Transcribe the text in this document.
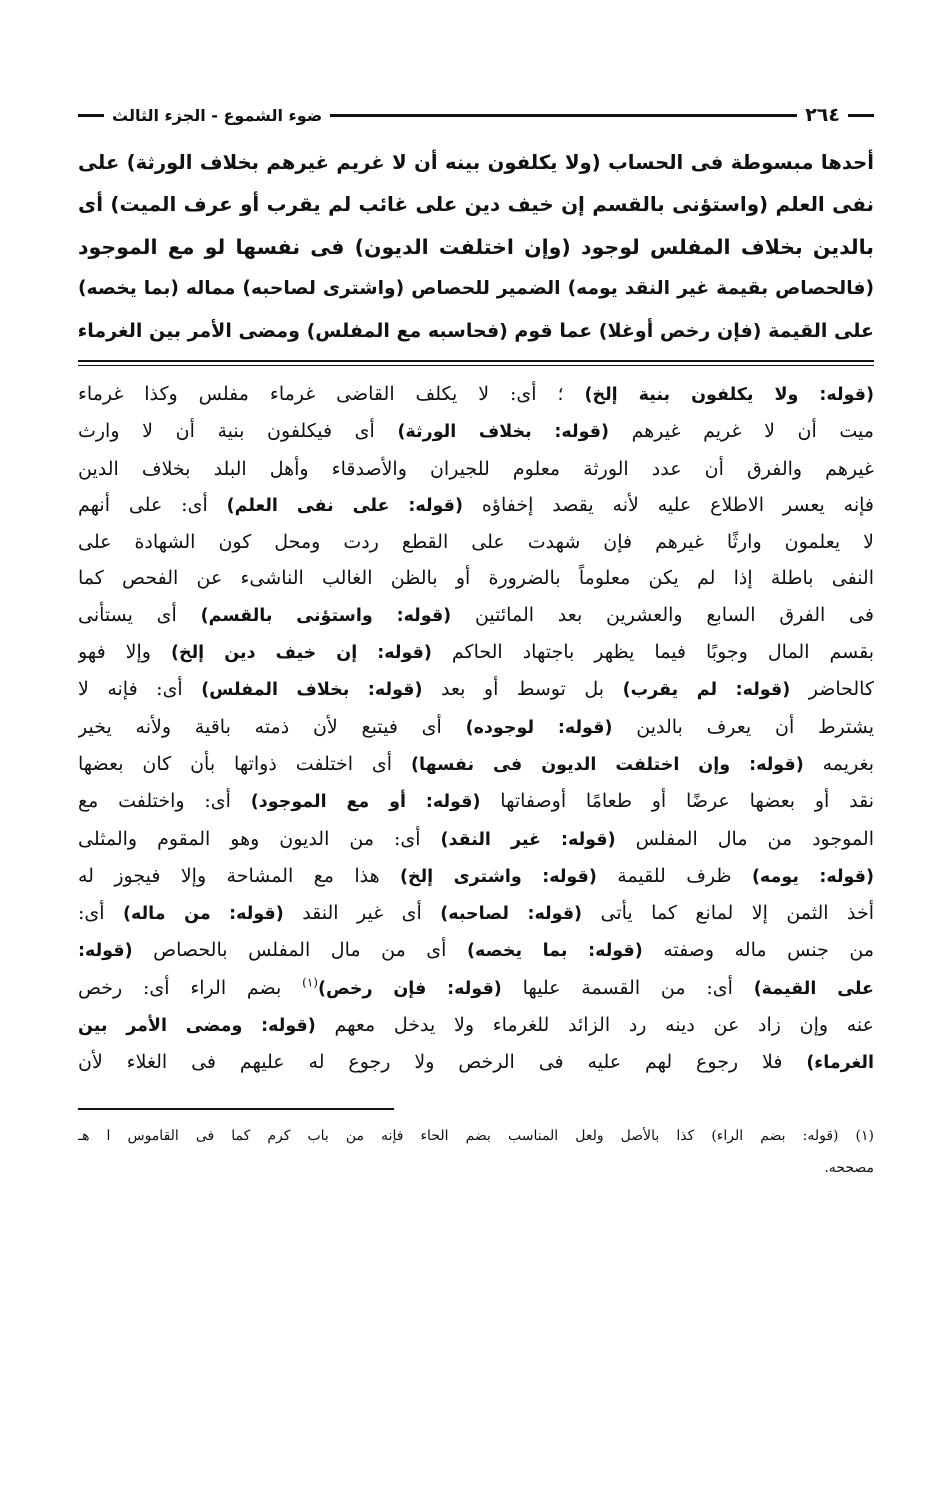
٢٦٤
ضوء الشموع - الجزء الثالث
أحدها مبسوطة فى الحساب (ولا يكلفون بينه أن لا غريم غيرهم بخلاف الورثة) على
نفى العلم (واستؤنى بالقسم إن خيف دين على غائب لم يقرب أو عرف الميت) أى
بالدين بخلاف المفلس لوجود (وإن اختلفت الديون) فى نفسها لو مع الموجود
(فالحصاص بقيمة غير النقد يومه) الضمير للحصاص (واشترى لصاحبه) مماله (بما يخصه)
على القيمة (فإن رخص أوغلا) عما قوم (فحاسبه مع المفلس) ومضى الأمر بين الغرماء
(قوله: ولا يكلفون بنية إلخ) ؛ أى: لا يكلف القاضى غرماء مفلس وكذا غرماء
ميت أن لا غريم غيرهم (قوله: بخلاف الورثة) أى فيكلفون بنية أن لا وارث
غيرهم والفرق أن عدد الورثة معلوم للجيران والأصدقاء وأهل البلد بخلاف الدين
فإنه يعسر الاطلاع عليه لأنه يقصد إخفاؤه (قوله: على نفى العلم) أى: على أنهم
لا يعلمون وارثًا غيرهم فإن شهدت على القطع ردت ومحل كون الشهادة على
النفى باطلة إذا لم يكن معلوماً بالضرورة أو بالظن الغالب الناشىء عن الفحص كما
فى الفرق السابع والعشرين بعد المائتين (قوله: واستؤنى بالقسم) أى يستأنى
بقسم المال وجوبًا فيما يظهر باجتهاد الحاكم (قوله: إن خيف دين إلخ) وإلا فهو
كالحاضر (قوله: لم يقرب) بل توسط أو بعد (قوله: بخلاف المفلس) أى: فإنه لا
يشترط أن يعرف بالدين (قوله: لوجوده) أى فيتبع لأن ذمته باقية ولأنه يخير
بغريمه (قوله: وإن اختلفت الديون فى نفسها) أى اختلفت ذواتها بأن كان بعضها
نقد أو بعضها عرضًا أو طعامًا أوصفاتها (قوله: أو مع الموجود) أى: واختلفت مع
الموجود من مال المفلس (قوله: غير النقد) أى: من الديون وهو المقوم والمثلى
(قوله: يومه) ظرف للقيمة (قوله: واشترى إلخ) هذا مع المشاحة وإلا فيجوز له
أخذ الثمن إلا لمانع كما يأتى (قوله: لصاحبه) أى غير النقد (قوله: من ماله) أى:
من جنس ماله وصفته (قوله: بما يخصه) أى من مال المفلس بالحصاص (قوله:
على القيمة) أى: من القسمة عليها (قوله: فإن رخص)$^{(١)}$ بضم الراء أى: رخص
عنه وإن زاد عن دينه رد الزائد للغرماء ولا يدخل معهم (قوله: ومضى الأمر بين
الغرماء) فلا رجوع لهم عليه فى الرخص ولا رجوع له عليهم فى الغلاء لأن
(١) (قوله: بضم الراء) كذا بالأصل ولعل المناسب بضم الحاء فإنه من باب كرم كما فى القاموس ا هـ
مصححه.
